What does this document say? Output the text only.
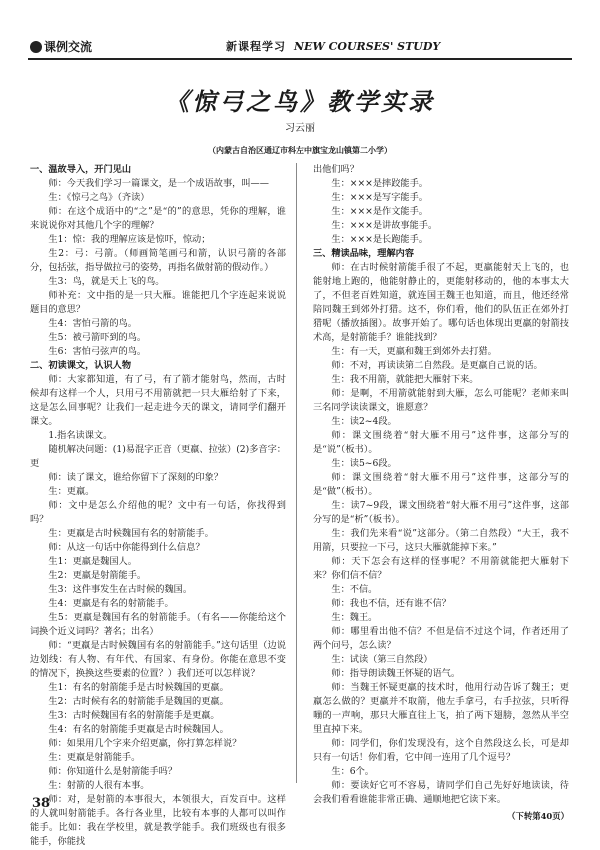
课例交流	新课程学习 NEW COURSES' STUDY
《惊弓之鸟》教学实录
习云丽
（内蒙古自治区通辽市科左中旗宝龙山镇第二小学）

一、温故导入，开门见山

师：今天我们学习一篇课文，是一个成语故事，叫——

生：《惊弓之鸟》（齐读）

师：在这个成语中的“之”是“的”的意思，凭你的理解，谁来说说你对其他几个字的理解？

生1：惊：我的理解应该是惊吓，惊动；

生2：弓：弓箭。（师画简笔画弓和箭，认识弓箭的各部分，包括弦，指导做拉弓的姿势，再指名做射箭的假动作。）

生3：鸟，就是天上飞的鸟。

师补充：文中指的是一只大雁。谁能把几个字连起来说说题目的意思？

生4：害怕弓箭的鸟。

生5：被弓箭吓到的鸟。

生6：害怕弓弦声的鸟。

二、初读课文，认识人物

师：大家都知道，有了弓，有了箭才能射鸟，然而，古时候却有这样一个人，只用弓不用箭就把一只大雁给射了下来，这是怎么回事呢？让我们一起走进今天的课文，请同学们翻开课文。

1.指名读课文。

随机解决问题：(1)易混字正音（更羸、拉弦）(2)多音字：更

师：读了课文，谁给你留下了深刻的印象？

生：更羸。

师：文中是怎么介绍他的呢？文中有一句话，你找得到吗？

生：更羸是古时候魏国有名的射箭能手。

师：从这一句话中你能得到什么信息？

生1：更羸是魏国人。

生2：更羸是射箭能手。

生3：这件事发生在古时候的魏国。

生4：更羸是有名的射箭能手。

生5：更羸是魏国有名的射箭能手。（有名——你能给这个词换个近义词吗？著名；出名）

师：“更羸是古时候魏国有名的射箭能手。”这句话里（边说边划线：有人物、有年代、有国家、有身份。你能在意思不变的情况下，换换这些要素的位置？）我们还可以怎样说？

生1：有名的射箭能手是古时候魏国的更羸。

生2：古时候有名的射箭能手是魏国的更羸。

生3：古时候魏国有名的射箭能手是更羸。

生4：有名的射箭能手更羸是古时候魏国人。

师：如果用几个字来介绍更羸，你打算怎样说？

生：更羸是射箭能手。

师：你知道什么是射箭能手吗？

生：射箭的人很有本事。

师：对，是射箭的本事很大，本领很大，百发百中。这样的人就叫射箭能手。各行各业里，比较有本事的人都可以叫作能手。比如：我在学校里，就是教学能手。我们班级也有很多能手，你能找

出他们吗？

生：×××是摔跤能手。

生：×××是写字能手。

生：×××是作文能手。

生：×××是讲故事能手。

生：×××是长跑能手。

三、精读品味，理解内容

师：在古时候射箭能手很了不起，更羸能射天上飞的，也能射地上跑的，他能射静止的，更能射移动的，他的本事太大了，不但老百姓知道，就连国王魏王也知道，而且，他还经常陪同魏王到郊外打猎。这不，你们看，他们的队伍正在郊外打猎呢（播放插图）。故事开始了。哪句话也体现出更羸的射箭技术高，是射箭能手？谁能找到？

生：有一天，更羸和魏王到郊外去打猎。

师：不对，再读读第二自然段。是更羸自己说的话。

生：我不用箭，就能把大雁射下来。

师：是啊，不用箭就能射到大雁，怎么可能呢？老师来叫三名同学读读课文，谁愿意？

生：读2~4段。

师：课文围绕着“射大雁不用弓”这件事，这部分写的是“说”（板书）。

生：读5~6段。

师：课文围绕着“射大雁不用弓”这件事，这部分写的是“做”（板书）。

生：读7~9段，课文围绕着“射大雁不用弓”这件事，这部分写的是“析”（板书）。

生：我们先来看“说”这部分。（第二自然段）“大王，我不用箭，只要拉一下弓，这只大雁就能掉下来。”

师：天下怎会有这样的怪事呢？不用箭就能把大雁射下来？你们信不信？

生：不信。

师：我也不信，还有谁不信？

生：魏王。

师：哪里看出他不信？不但是信不过这个词，作者还用了两个问号，怎么读？

生：试读（第三自然段）

师：指导朗读魏王怀疑的语气。

师：当魏王怀疑更羸的技术时，他用行动告诉了魏王；更羸怎么做的？更羸并不取箭，他左手拿弓，右手拉弦，只听得嘣的一声响，那只大雁直往上飞，拍了两下翅膀，忽然从半空里直掉下来。

师：同学们，你们发现没有，这个自然段这么长，可是却只有一句话！你们看，它中间一连用了几个逗号？

生：6个。

师：要读好它可不容易，请同学们自己先好好地读读，待会我们看看谁能非常正确、通顺地把它读下来。

（下转第40页）

38
